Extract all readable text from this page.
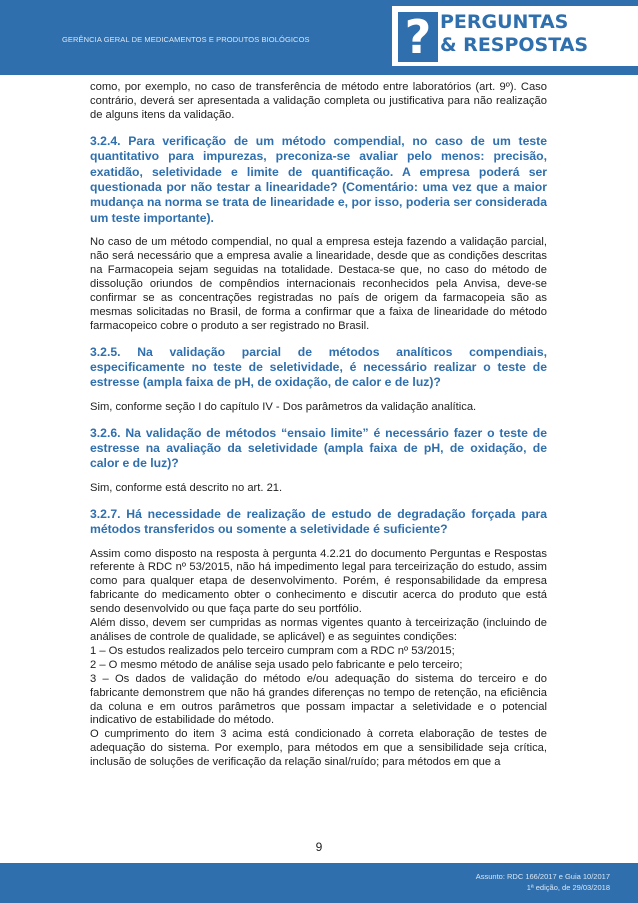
GERÊNCIA GERAL DE MEDICAMENTOS E PRODUTOS BIOLÓGICOS ? PERGUNTAS
& RESPOSTAS

como, por exemplo, no caso de transferência de método entre laboratórios (art. 9º). Caso contrário, deverá ser apresentada a validação completa ou justificativa para não realização de alguns itens da validação.

3.2.4. Para verificação de um método compendial, no caso de um teste quantitativo para impurezas, preconiza-se avaliar pelo menos: precisão, exatidão, seletividade e limite de quantificação. A empresa poderá ser questionada por não testar a linearidade? (Comentário: uma vez que a maior mudança na norma se trata de linearidade e, por isso, poderia ser considerada um teste importante).

No caso de um método compendial, no qual a empresa esteja fazendo a validação parcial, não será necessário que a empresa avalie a linearidade, desde que as condições descritas na Farmacopeia sejam seguidas na totalidade. Destaca-se que, no caso do método de dissolução oriundos de compêndios internacionais reconhecidos pela Anvisa, deve-se confirmar se as concentrações registradas no país de origem da farmacopeia são as mesmas solicitadas no Brasil, de forma a confirmar que a faixa de linearidade do método farmacopeico cobre o produto a ser registrado no Brasil.

3.2.5. Na validação parcial de métodos analíticos compendiais, especificamente no teste de seletividade, é necessário realizar o teste de estresse (ampla faixa de pH, de oxidação, de calor e de luz)?

Sim, conforme seção I do capítulo IV - Dos parâmetros da validação analítica.

3.2.6. Na validação de métodos “ensaio limite” é necessário fazer o teste de estresse na avaliação da seletividade (ampla faixa de pH, de oxidação, de calor e de luz)?

Sim, conforme está descrito no art. 21.

3.2.7. Há necessidade de realização de estudo de degradação forçada para métodos transferidos ou somente a seletividade é suficiente?

Assim como disposto na resposta à pergunta 4.2.21 do documento Perguntas e Respostas referente à RDC nº 53/2015, não há impedimento legal para terceirização do estudo, assim como para qualquer etapa de desenvolvimento. Porém, é responsabilidade da empresa fabricante do medicamento obter o conhecimento e discutir acerca do produto que está sendo desenvolvido ou que faça parte do seu portfólio.

Além disso, devem ser cumpridas as normas vigentes quanto à terceirização (incluindo de análises de controle de qualidade, se aplicável) e as seguintes condições:

1 – Os estudos realizados pelo terceiro cumpram com a RDC nº 53/2015;

2 – O mesmo método de análise seja usado pelo fabricante e pelo terceiro;

3 – Os dados de validação do método e/ou adequação do sistema do terceiro e do fabricante demonstrem que não há grandes diferenças no tempo de retenção, na eficiência da coluna e em outros parâmetros que possam impactar a seletividade e o potencial indicativo de estabilidade do método.

O cumprimento do item 3 acima está condicionado à correta elaboração de testes de adequação do sistema. Por exemplo, para métodos em que a sensibilidade seja crítica, inclusão de soluções de verificação da relação sinal/ruído; para métodos em que a

9
Assunto: RDC 166/2017 e Guia 10/2017
1ª edição, de 29/03/2018
